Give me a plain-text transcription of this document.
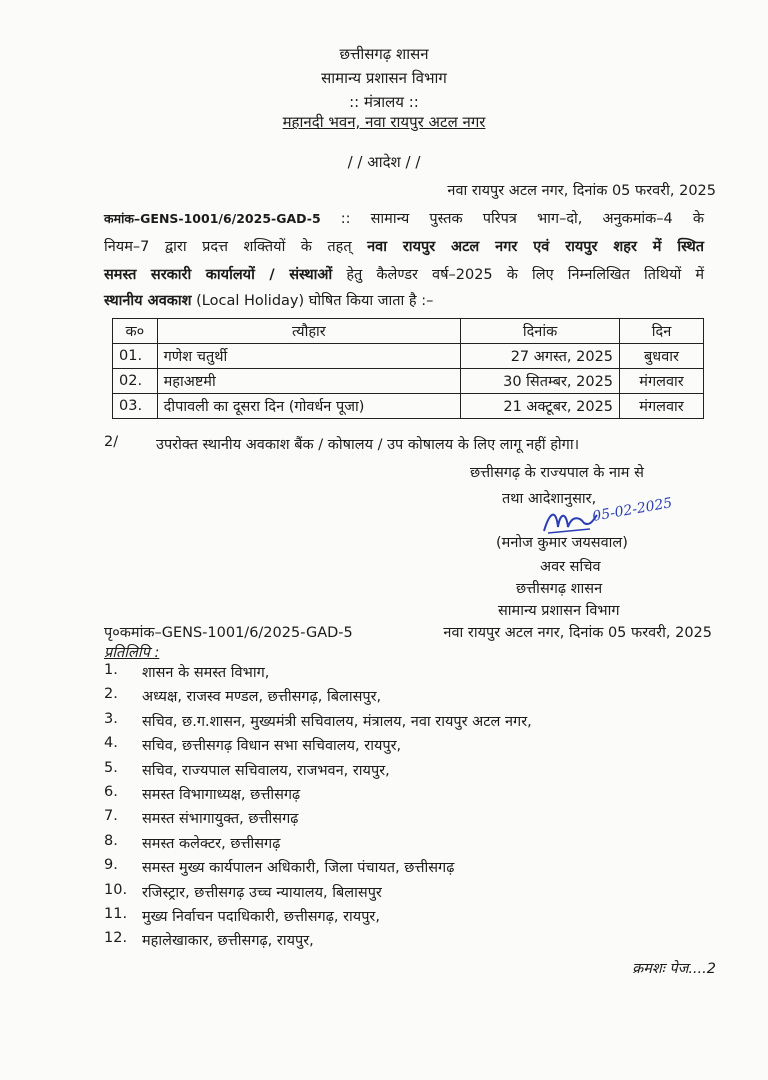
छत्तीसगढ़ शासन
सामान्य प्रशासन विभाग
:: मंत्रालय ::
महानदी भवन, नवा रायपुर अटल नगर
/ / आदेश / /
नवा रायपुर अटल नगर, दिनांक 05 फरवरी, 2025
कमांक–GENS-1001/6/2025-GAD-5 :: सामान्य पुस्तक परिपत्र भाग–दो, अनुकमांक–4 के
नियम–7 द्वारा प्रदत्त शक्तियों के तहत् नवा रायपुर अटल नगर एवं रायपुर शहर में स्थित
समस्त सरकारी कार्यालयों / संस्थाओं हेतु कैलेण्डर वर्ष–2025 के लिए निम्नलिखित तिथियों में
स्थानीय अवकाश (Local Holiday) घोषित किया जाता है :–
क०	त्यौहार	दिनांक	दिन
01.	गणेश चतुर्थी	27 अगस्त, 2025	बुधवार
02.	महाअष्टमी	30 सितम्बर, 2025	मंगलवार
03.	दीपावली का दूसरा दिन (गोवर्धन पूजा)	21 अक्टूबर, 2025	मंगलवार
2/	उपरोक्त स्थानीय अवकाश बैंक / कोषालय / उप कोषालय के लिए लागू नहीं होगा।
छत्तीसगढ़ के राज्यपाल के नाम से
तथा आदेशानुसार,
05-02-2025
(मनोज कुमार जयसवाल)
अवर सचिव
छत्तीसगढ़ शासन
सामान्य प्रशासन विभाग
पृ०कमांक–GENS-1001/6/2025-GAD-5	नवा रायपुर अटल नगर, दिनांक 05 फरवरी, 2025
प्रतिलिपि :
1.	शासन के समस्त विभाग,
2.	अध्यक्ष, राजस्व मण्डल, छत्तीसगढ़, बिलासपुर,
3.	सचिव, छ.ग.शासन, मुख्यमंत्री सचिवालय, मंत्रालय, नवा रायपुर अटल नगर,
4.	सचिव, छत्तीसगढ़ विधान सभा सचिवालय, रायपुर,
5.	सचिव, राज्यपाल सचिवालय, राजभवन, रायपुर,
6.	समस्त विभागाध्यक्ष, छत्तीसगढ़
7.	समस्त संभागायुक्त, छत्तीसगढ़
8.	समस्त कलेक्टर, छत्तीसगढ़
9.	समस्त मुख्य कार्यपालन अधिकारी, जिला पंचायत, छत्तीसगढ़
10.	रजिस्ट्रार, छत्तीसगढ़ उच्च न्यायालय, बिलासपुर
11.	मुख्य निर्वाचन पदाधिकारी, छत्तीसगढ़, रायपुर,
12.	महालेखाकार, छत्तीसगढ़, रायपुर,
क्रमशः पेज....2
